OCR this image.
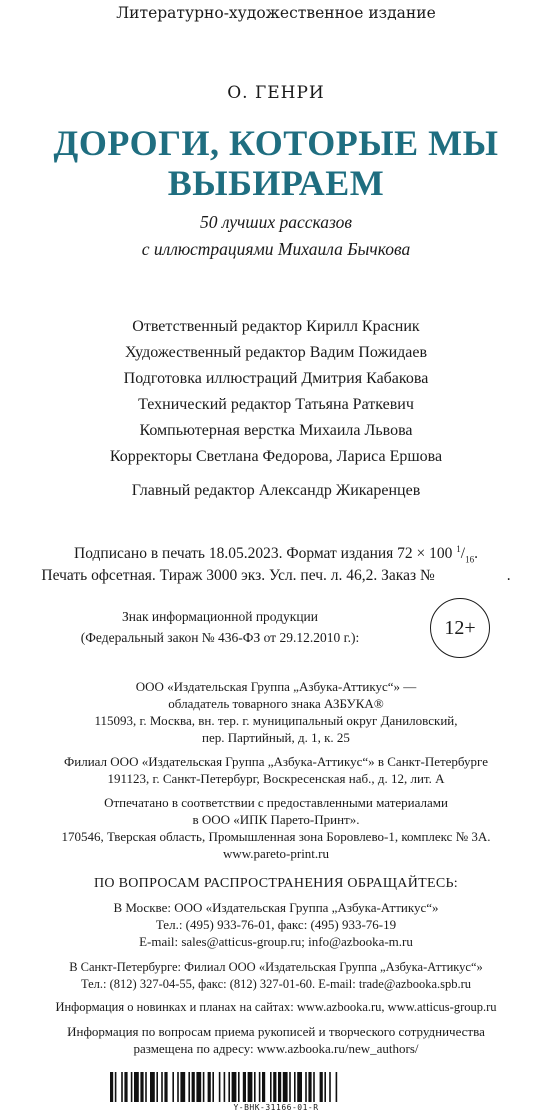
Литературно-художественное издание
О. ГЕНРИ
ДОРОГИ, КОТОРЫЕ МЫ
ВЫБИРАЕМ
50 лучших рассказов
с иллюстрациями Михаила Бычкова
Ответственный редактор Кирилл Красник
Художественный редактор Вадим Пожидаев
Подготовка иллюстраций Дмитрия Кабакова
Технический редактор Татьяна Раткевич
Компьютерная верстка Михаила Львова
Корректоры Светлана Федорова, Лариса Ершова
Главный редактор Александр Жикаренцев
Подписано в печать 18.05.2023. Формат издания 72 × 100 $^1/_{16}$.
Печать офсетная. Тираж 3000 экз. Усл. печ. л. 46,2. Заказ №	.
Знак информационной продукции
(Федеральный закон № 436-ФЗ от 29.12.2010 г.):	12+
ООО «Издательская Группа „Азбука-Аттикус“» —
обладатель товарного знака АЗБУКА®
115093, г. Москва, вн. тер. г. муниципальный округ Даниловский,
пер. Партийный, д. 1, к. 25
Филиал ООО «Издательская Группа „Азбука-Аттикус“» в Санкт-Петербурге
191123, г. Санкт-Петербург, Воскресенская наб., д. 12, лит. А
Отпечатано в соответствии с предоставленными материалами
в ООО «ИПК Парето-Принт».
170546, Тверская область, Промышленная зона Боровлево-1, комплекс № 3А.
www.pareto-print.ru
ПО ВОПРОСАМ РАСПРОСТРАНЕНИЯ ОБРАЩАЙТЕСЬ:
В Москве: ООО «Издательская Группа „Азбука-Аттикус“»
Тел.: (495) 933-76-01, факс: (495) 933-76-19
E-mail: sales@atticus-group.ru; info@azbooka-m.ru
В Санкт-Петербурге: Филиал ООО «Издательская Группа „Азбука-Аттикус“»
Тел.: (812) 327-04-55, факс: (812) 327-01-60. E-mail: trade@azbooka.spb.ru
Информация о новинках и планах на сайтах: www.azbooka.ru, www.atticus-group.ru
Информация по вопросам приема рукописей и творческого сотрудничества
размещена по адресу: www.azbooka.ru/new_authors/
Y-BHK-31166-01-R
